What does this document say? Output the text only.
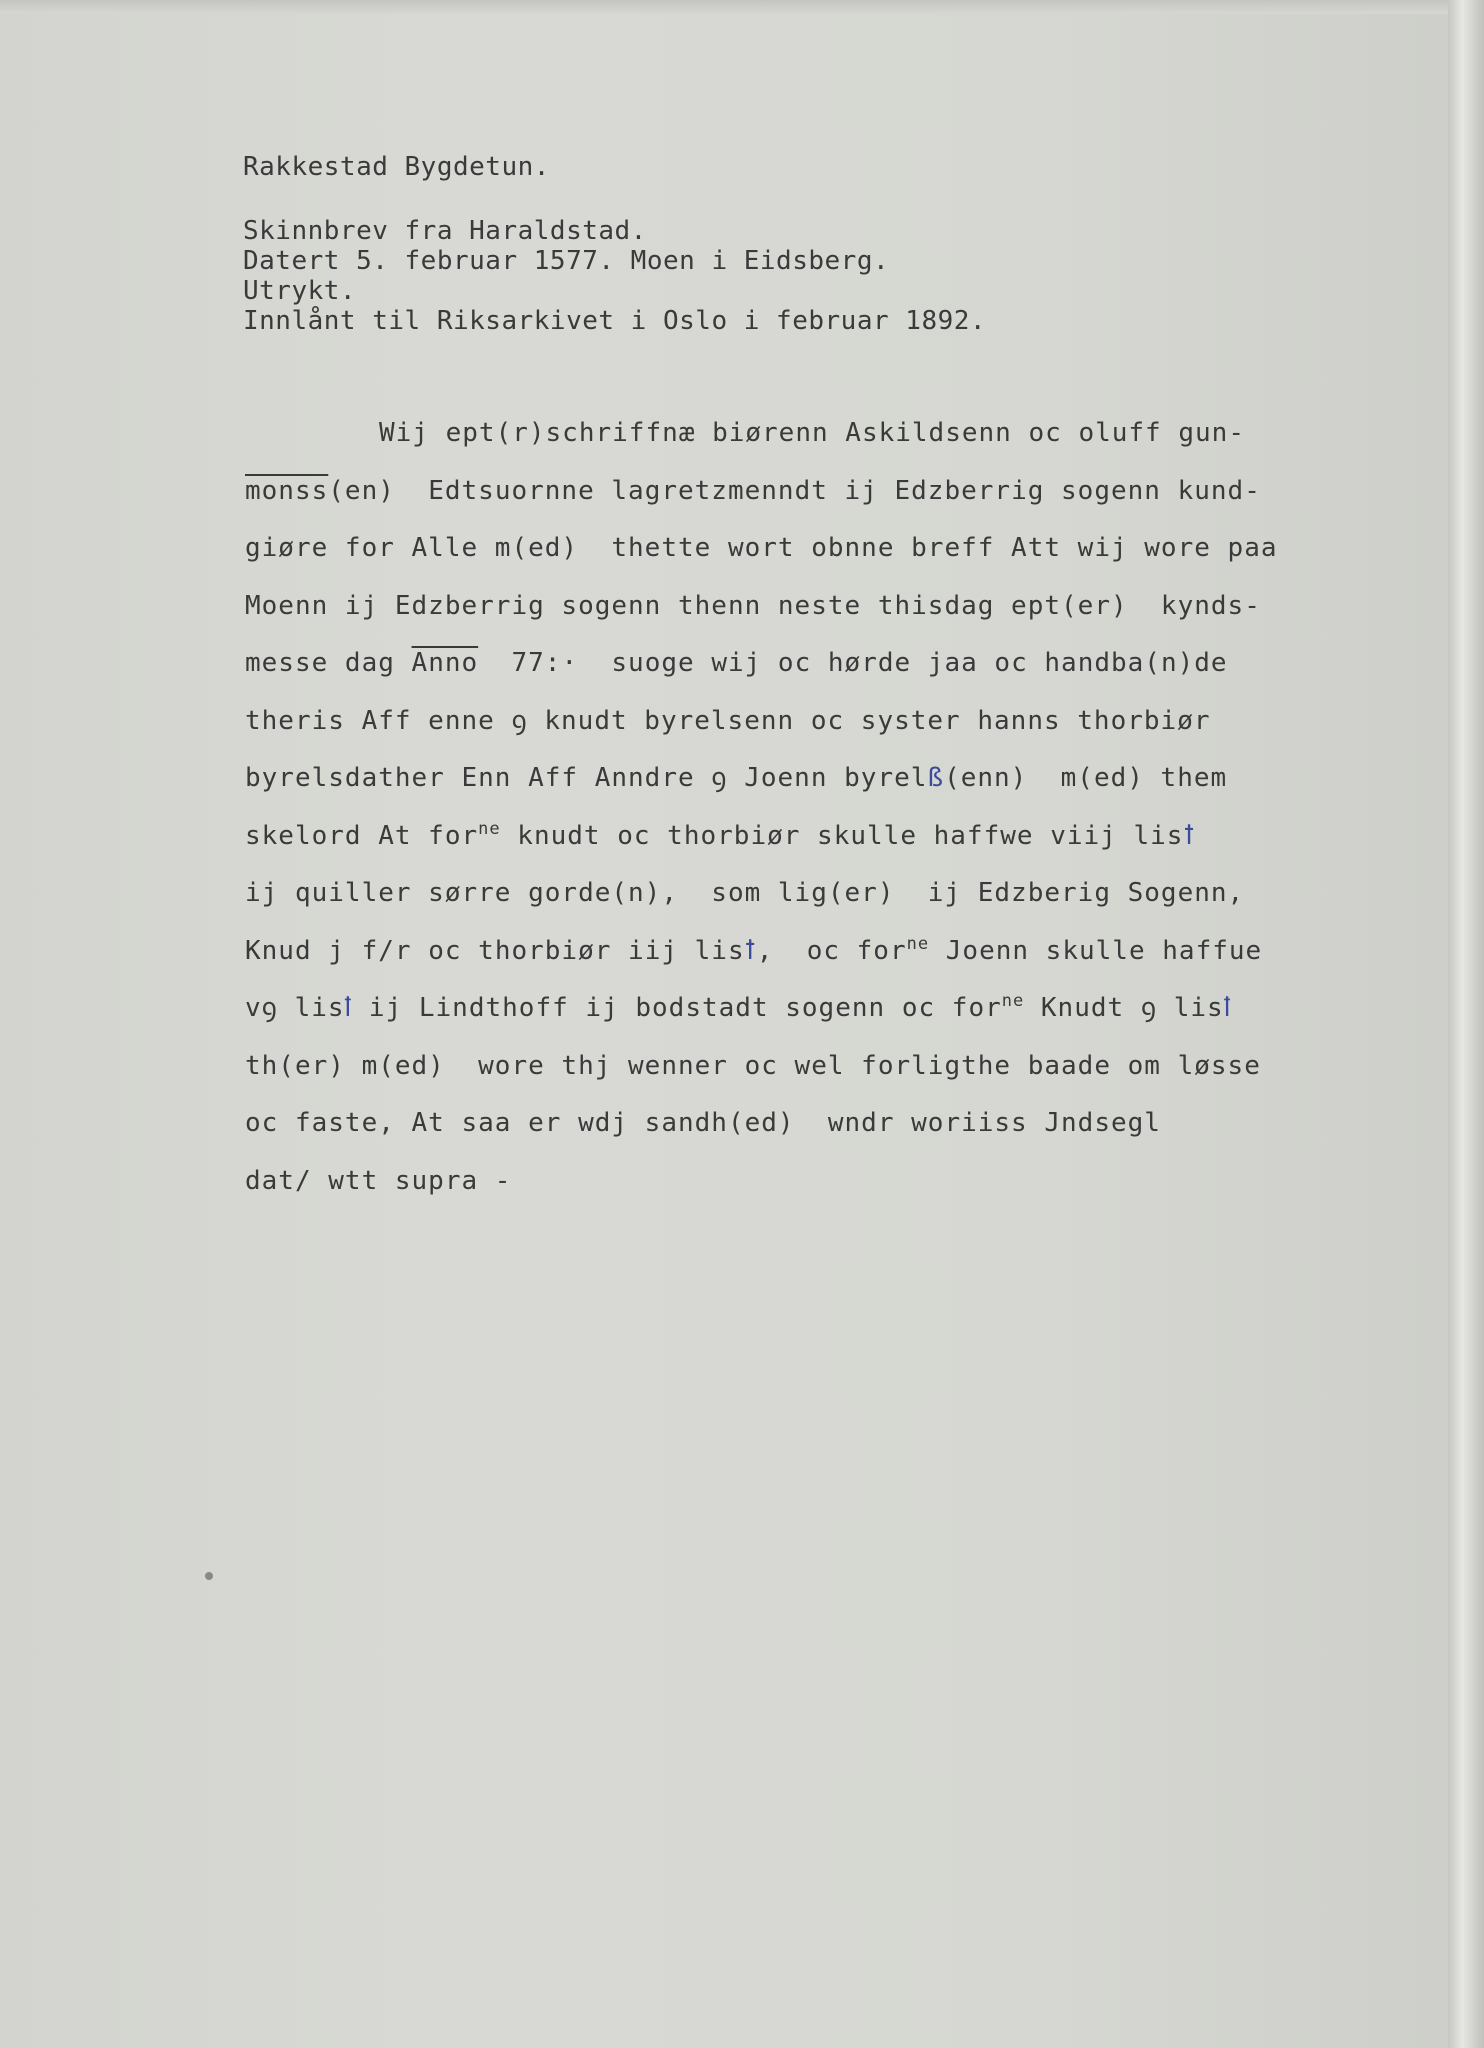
Rakkestad Bygdetun.
Skinnbrev fra Haraldstad.
Datert 5. februar 1577. Moen i Eidsberg.
Utrykt.
Innlånt til Riksarkivet i Oslo i februar 1892.
Wij ept(r)schriffnæ biørenn Askildsenn oc oluff gun-
monss(en)  Edtsuornne lagretzmenndt ij Edzberrig sogenn kund-
giøre for Alle m(ed)  thette wort obnne breff Att wij wore paa
Moenn ij Edzberrig sogenn thenn neste thisdag ept(er)  kynds-
messe dag Anno  77:·  suoge wij oc hørde jaa oc handba(n)de
theris Aff enne ꝯ knudt byrelsenn oc syster hanns thorbiør
byrelsdather Enn Aff Anndre ꝯ Joenn byrelß(enn)  m(ed) them
skelord At for$^{ne}$ knudt oc thorbiør skulle haffwe viij lisꝉ
ij quiller sørre gorde(n),  som lig(er)  ij Edzberig Sogenn,
Knud j f/r oc thorbiør iij lisꝉ,  oc for$^{ne}$ Joenn skulle haffue
vꝯ lisꝉ ij Lindthoff ij bodstadt sogenn oc for$^{ne}$ Knudt ꝯ lisꝉ
th(er) m(ed)  wore thj wenner oc wel forligthe baade om løsse
oc faste, At saa er wdj sandh(ed)  wndr woriiss Jndsegl
dat/ wtt supra -
